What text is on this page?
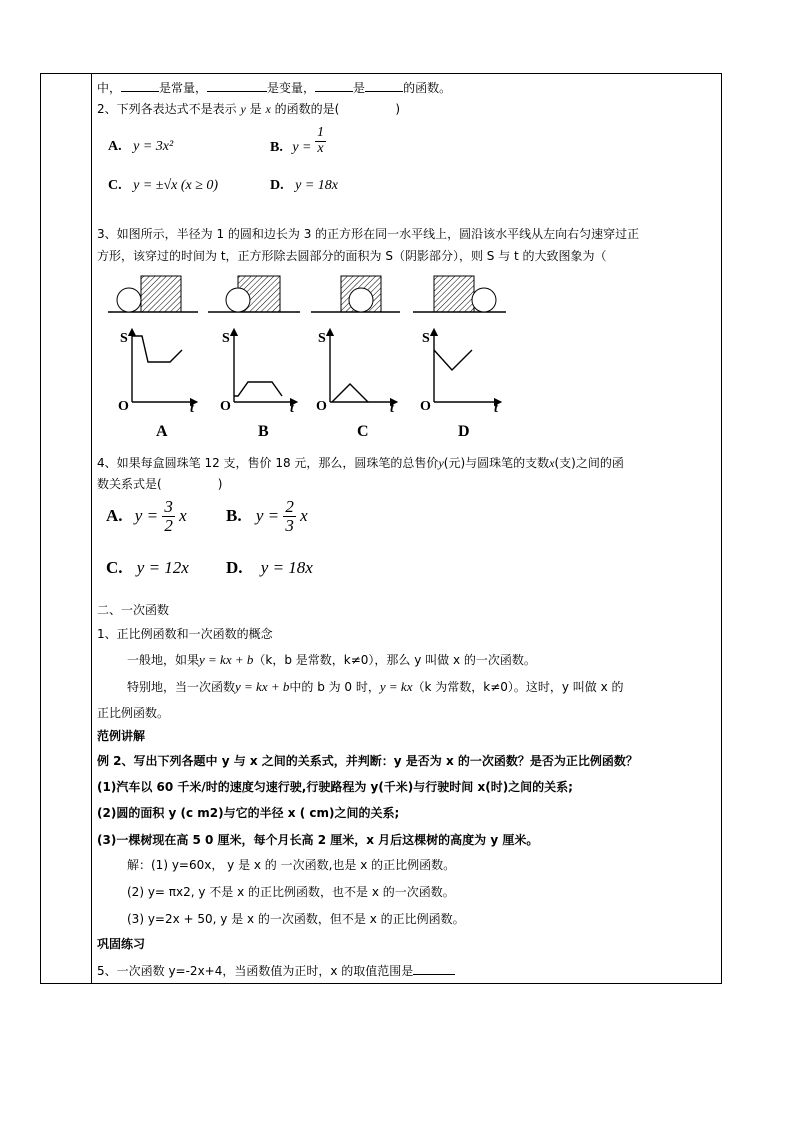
中，	是常量，	是变量，	是	的函数。
2、下列各表达式不是表示 y 是 x 的函数的是(	)
A. y = 3x²	B. $y = \frac{1}{x}$
C. y = ±√x (x ≥ 0)	D. y = 18x
3、如图所示，半径为 1 的圆和边长为 3 的正方形在同一水平线上，圆沿该水平线从左向右匀速穿过正
方形，该穿过的时间为 t，正方形除去圆部分的面积为 S（阴影部分），则 S 与 t 的大致图象为（
S
O	t
A
S
O	t
B
S
O	t
C
S
O	t
D
4、如果每盒圆珠笔 12 支，售价 18 元，那么，圆珠笔的总售价y(元)与圆珠笔的支数x(支)之间的函
数关系式是(	)
A. $y = \frac{3}{2}$ x B. $y = \frac{2}{3}$ x
C. y = 12x D. y = 18x
二、一次函数
1、正比例函数和一次函数的概念
一般地，如果y = kx + b（k，b 是常数，k≠0），那么 y 叫做 x 的一次函数。
特别地，当一次函数y = kx + b中的 b 为 0 时，y = kx（k 为常数，k≠0）。这时，y 叫做 x 的
正比例函数。
范例讲解
例 2、写出下列各题中 y 与 x 之间的关系式，并判断：y 是否为 x 的一次函数？是否为正比例函数？
(1)汽车以 60 千米/时的速度匀速行驶,行驶路程为 y(千米)与行驶时间 x(时)之间的关系;
(2)圆的面积 y (c m2)与它的半径 x ( cm)之间的关系;
(3)一棵树现在高 5 0 厘米，每个月长高 2 厘米，x 月后这棵树的高度为 y 厘米。
解：(1) y=60x， y 是 x 的 一次函数,也是 x 的正比例函数。
(2) y= πx2, y 不是 x 的正比例函数，也不是 x 的一次函数。
(3) y=2x + 50, y 是 x 的一次函数，但不是 x 的正比例函数。
巩固练习
5、一次函数 y=-2x+4，当函数值为正时，x 的取值范围是
